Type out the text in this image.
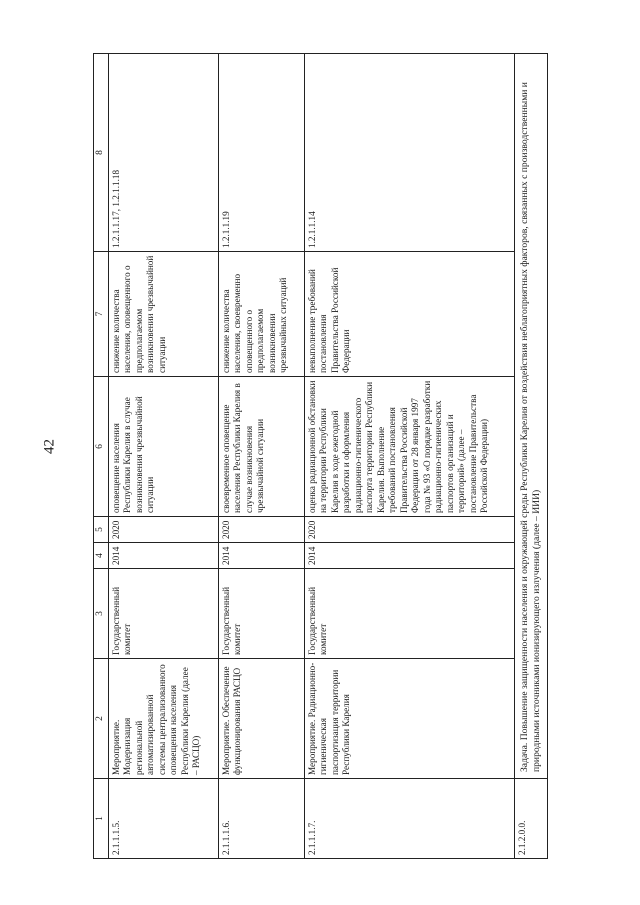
42
1	2	3	4	5	6	7	8
2.1.1.1.5.	Мероприятие. Модернизация региональной автоматизированной системы централизованного оповещения населения Республики Карелия (далее – РАСЦО)	Государственный комитет	2014	2020	оповещение населения Республики Карелия в случае возникновения чрезвычайной ситуации	снижение количества населения, оповещенного о предполагаемом возникновении чрезвычайной ситуации	1.2.1.1.17, 1.2.1.1.18
2.1.1.1.6.	Мероприятие. Обеспечение функционирования РАСЦО	Государственный комитет	2014	2020	своевременное оповещение населения Республики Карелия в случае возникновения чрезвычайной ситуации	снижение количества населения, своевременно оповещенного о предполагаемом возникновении чрезвычайных ситуаций	1.2.1.1.19
2.1.1.1.7.	Мероприятие. Радиационно-гигиеническая паспортизация территории Республики Карелия	Государственный комитет	2014	2020	оценка радиационной обстановки на территории Республики Карелия в ходе ежегодной разработки и оформления радиационно-гигиенического паспорта территории Республики Карелия. Выполнение требований постановления Правительства Российской Федерации от 28 января 1997 года № 93 «О порядке разработки радиационно-гигиенических паспортов организаций и территорий» (далее – постановление Правительства Российской Федерации)	невыполнение требований постановления Правительства Российской Федерации	1.2.1.1.14
2.1.2.0.0.	Задача. Повышение защищенности населения и окружающей среды Республики Карелия от воздействия неблагоприятных факторов, связанных с производственными и природными источниками ионизирующего излучения (далее – ИИИ)						
